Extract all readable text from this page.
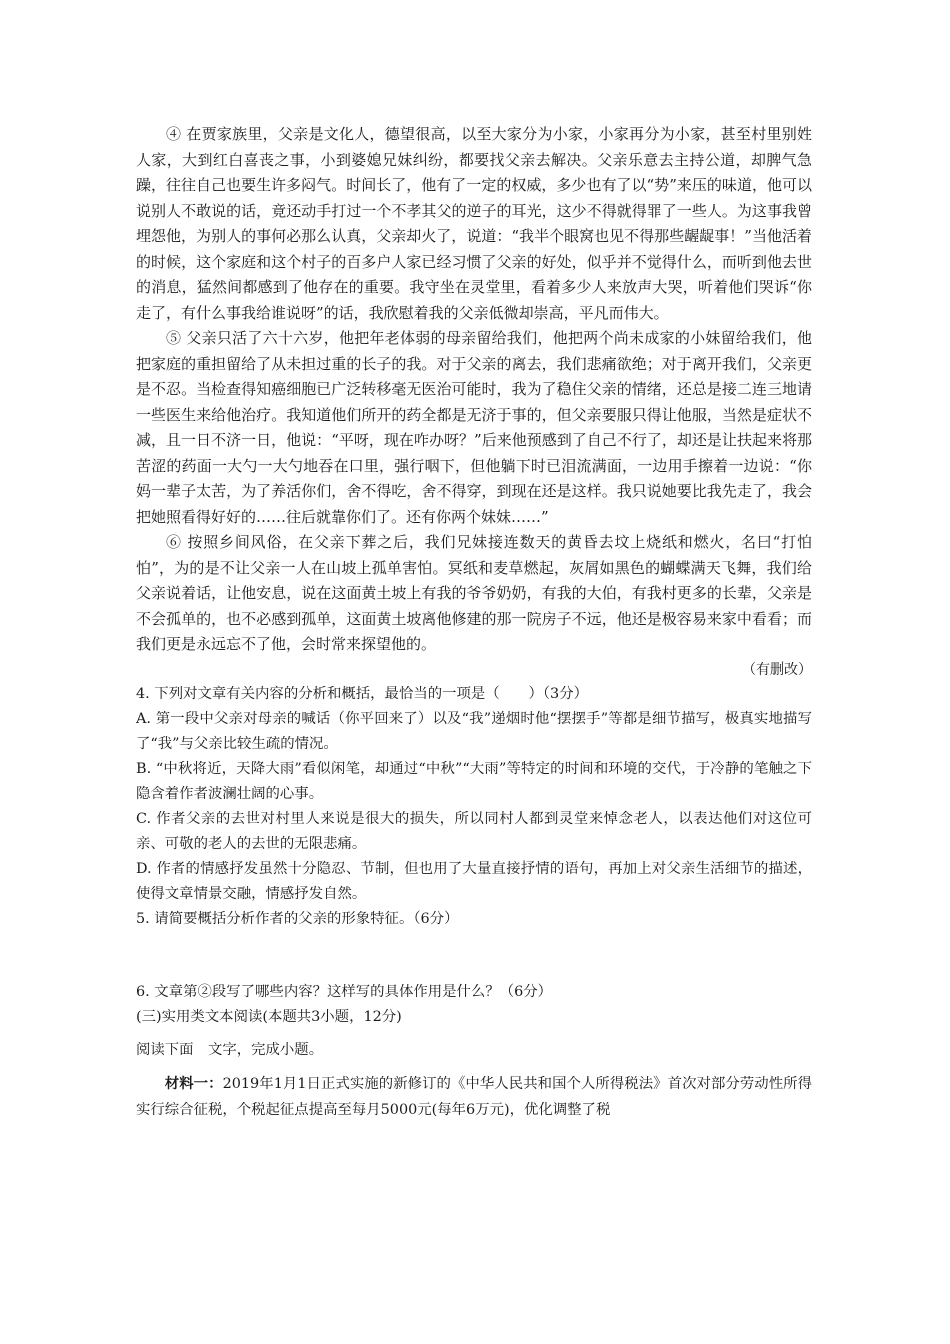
④ 在贾家族里，父亲是文化人，德望很高，以至大家分为小家，小家再分为小家，甚至村里别姓人家，大到红白喜丧之事，小到婆媳兄妹纠纷，都要找父亲去解决。父亲乐意去主持公道，却脾气急躁，往往自己也要生许多闷气。时间长了，他有了一定的权威，多少也有了以“势”来压的味道，他可以说别人不敢说的话，竟还动手打过一个不孝其父的逆子的耳光，这少不得就得罪了一些人。为这事我曾埋怨他，为别人的事何必那么认真，父亲却火了，说道：“我半个眼窝也见不得那些龌龊事！”当他活着的时候，这个家庭和这个村子的百多户人家已经习惯了父亲的好处，似乎并不觉得什么，而听到他去世的消息，猛然间都感到了他存在的重要。我守坐在灵堂里，看着多少人来放声大哭，听着他们哭诉“你走了，有什么事我给谁说呀”的话，我欣慰着我的父亲低微却崇高，平凡而伟大。

⑤ 父亲只活了六十六岁，他把年老体弱的母亲留给我们，他把两个尚未成家的小妹留给我们，他把家庭的重担留给了从未担过重的长子的我。对于父亲的离去，我们悲痛欲绝；对于离开我们，父亲更是不忍。当检查得知癌细胞已广泛转移毫无医治可能时，我为了稳住父亲的情绪，还总是接二连三地请一些医生来给他治疗。我知道他们所开的药全都是无济于事的，但父亲要服只得让他服，当然是症状不减，且一日不济一日，他说：“平呀，现在咋办呀？”后来他预感到了自己不行了，却还是让扶起来将那苦涩的药面一大勺一大勺地吞在口里，强行咽下，但他躺下时已泪流满面，一边用手擦着一边说：“你妈一辈子太苦，为了养活你们，舍不得吃，舍不得穿，到现在还是这样。我只说她要比我先走了，我会把她照看得好好的……往后就靠你们了。还有你两个妹妹……”

⑥ 按照乡间风俗，在父亲下葬之后，我们兄妹接连数天的黄昏去坟上烧纸和燃火，名曰“打怕怕”，为的是不让父亲一人在山坡上孤单害怕。冥纸和麦草燃起，灰屑如黑色的蝴蝶满天飞舞，我们给父亲说着话，让他安息，说在这面黄土坡上有我的爷爷奶奶，有我的大伯，有我村更多的长辈，父亲是不会孤单的，也不必感到孤单，这面黄土坡离他修建的那一院房子不远，他还是极容易来家中看看；而我们更是永远忘不了他，会时常来探望他的。

（有删改）

4. 下列对文章有关内容的分析和概括，最恰当的一项是（　　）（3分）

A. 第一段中父亲对母亲的喊话（你平回来了）以及“我”递烟时他“摆摆手”等都是细节描写，极真实地描写了“我”与父亲比较生疏的情况。

B. “中秋将近，天降大雨”看似闲笔，却通过“中秋”“大雨”等特定的时间和环境的交代，于冷静的笔触之下隐含着作者波澜壮阔的心事。

C. 作者父亲的去世对村里人来说是很大的损失，所以同村人都到灵堂来悼念老人，以表达他们对这位可亲、可敬的老人的去世的无限悲痛。

D. 作者的情感抒发虽然十分隐忍、节制，但也用了大量直接抒情的语句，再加上对父亲生活细节的描述，使得文章情景交融，情感抒发自然。

5. 请简要概括分析作者的父亲的形象特征。（6分）

6. 文章第②段写了哪些内容？这样写的具体作用是什么？（6分）

(三)实用类文本阅读(本题共3小题，12分)

阅读下面　文字，完成小题。

材料一：2019年1月1日正式实施的新修订的《中华人民共和国个人所得税法》首次对部分劳动性所得实行综合征税，个税起征点提高至每月5000元(每年6万元)，优化调整了税
